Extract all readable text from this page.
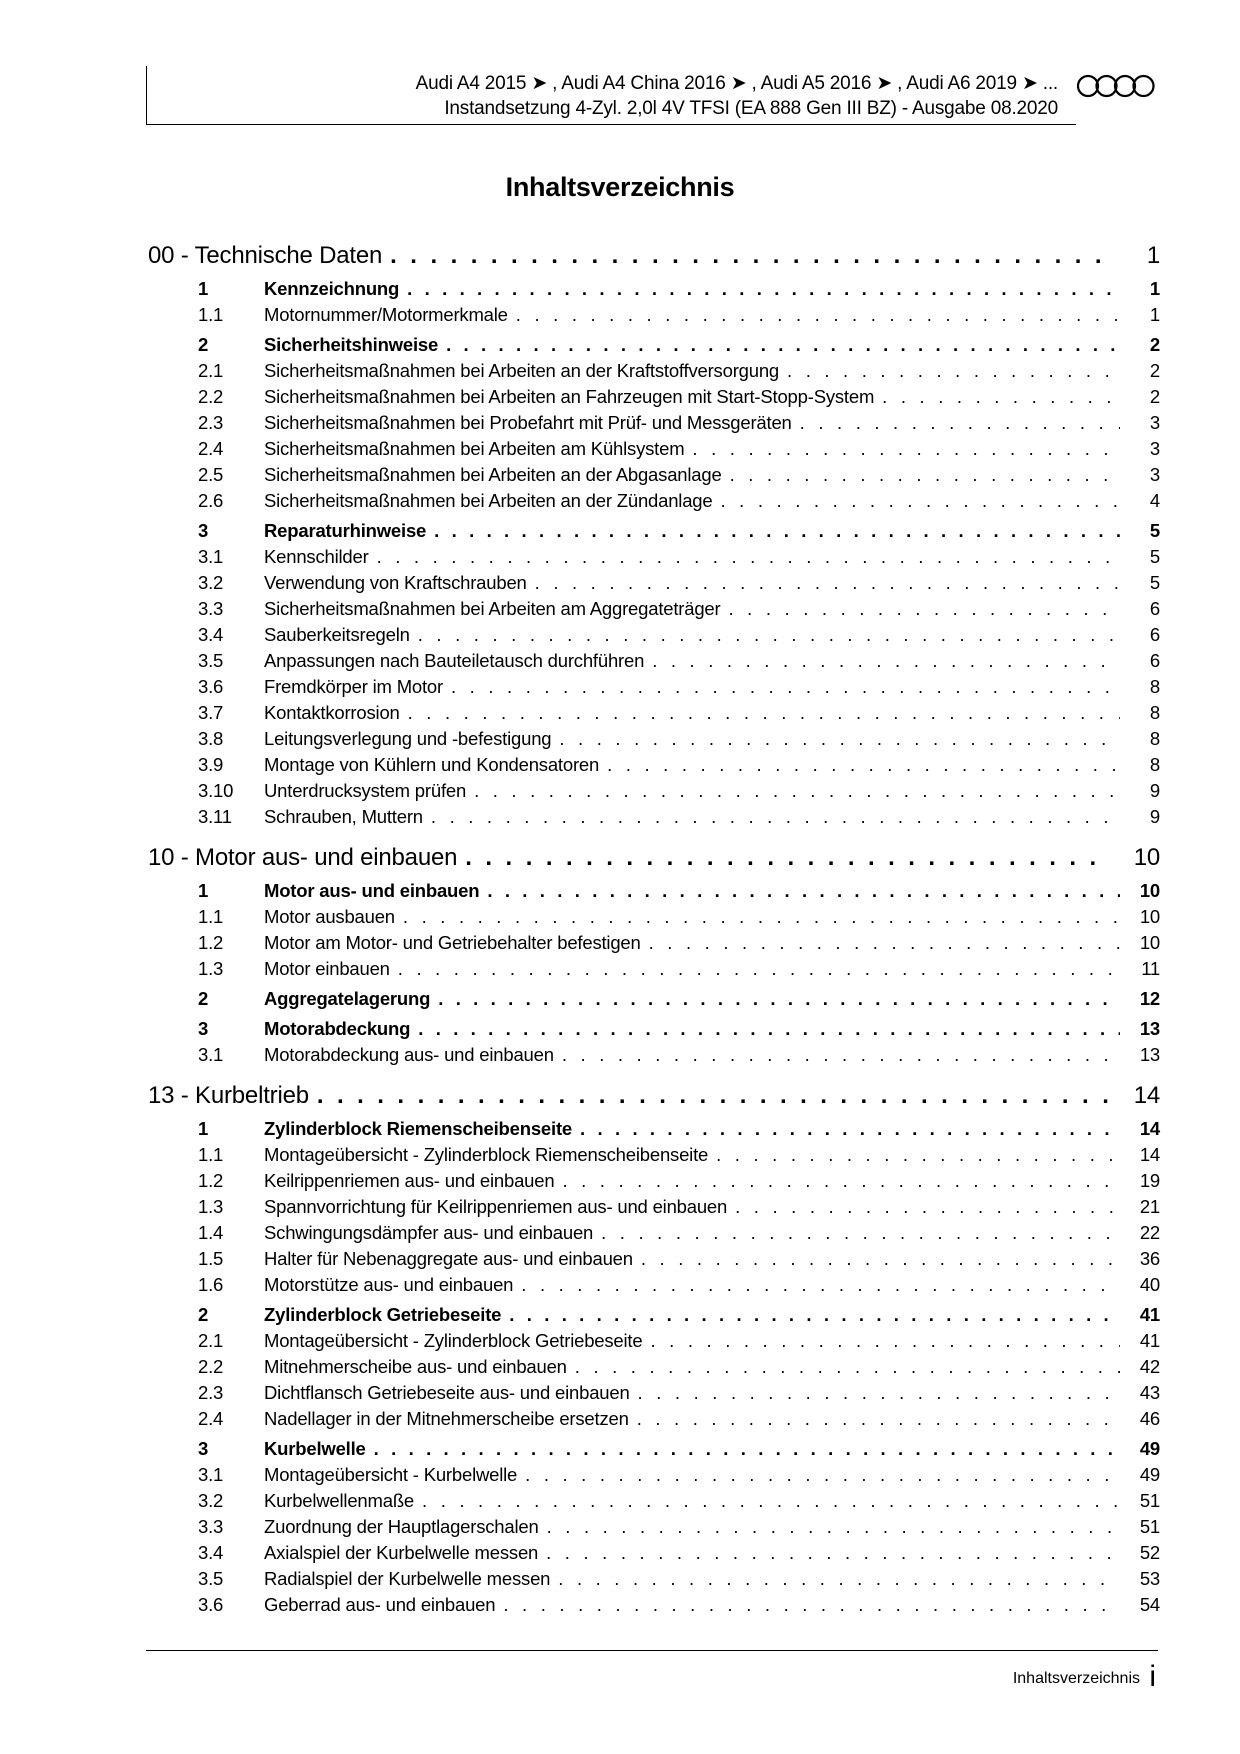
Audi A4 2015 ➤ , Audi A4 China 2016 ➤ , Audi A5 2016 ➤ , Audi A6 2019 ➤ ...
Instandsetzung 4-Zyl. 2,0l 4V TFSI (EA 888 Gen III BZ) - Ausgabe 08.2020
Inhaltsverzeichnis
00 - Technische Daten . . .	1
1	Kennzeichnung . . .	1
1.1	Motornummer/Motormerkmale . . .	1
2	Sicherheitshinweise . . .	2
2.1	Sicherheitsmaßnahmen bei Arbeiten an der Kraftstoffversorgung . . .	2
2.2	Sicherheitsmaßnahmen bei Arbeiten an Fahrzeugen mit Start-Stopp-System . . .	2
2.3	Sicherheitsmaßnahmen bei Probefahrt mit Prüf- und Messgeräten . . .	3
2.4	Sicherheitsmaßnahmen bei Arbeiten am Kühlsystem . . .	3
2.5	Sicherheitsmaßnahmen bei Arbeiten an der Abgasanlage . . .	3
2.6	Sicherheitsmaßnahmen bei Arbeiten an der Zündanlage . . .	4
3	Reparaturhinweise . . .	5
3.1	Kennschilder . . .	5
3.2	Verwendung von Kraftschrauben . . .	5
3.3	Sicherheitsmaßnahmen bei Arbeiten am Aggregateträger . . .	6
3.4	Sauberkeitsregeln . . .	6
3.5	Anpassungen nach Bauteiletausch durchführen . . .	6
3.6	Fremdkörper im Motor . . .	8
3.7	Kontaktkorrosion . . .	8
3.8	Leitungsverlegung und -befestigung . . .	8
3.9	Montage von Kühlern und Kondensatoren . . .	8
3.10	Unterdrucksystem prüfen . . .	9
3.11	Schrauben, Muttern . . .	9
10 - Motor aus- und einbauen . . .	10
1	Motor aus- und einbauen . . .	10
1.1	Motor ausbauen . . .	10
1.2	Motor am Motor- und Getriebehalter befestigen . . .	10
1.3	Motor einbauen . . .	11
2	Aggregatelagerung . . .	12
3	Motorabdeckung . . .	13
3.1	Motorabdeckung aus- und einbauen . . .	13
13 - Kurbeltrieb . . .	14
1	Zylinderblock Riemenscheibenseite . . .	14
1.1	Montageübersicht - Zylinderblock Riemenscheibenseite . . .	14
1.2	Keilrippenriemen aus- und einbauen . . .	19
1.3	Spannvorrichtung für Keilrippenriemen aus- und einbauen . . .	21
1.4	Schwingungsdämpfer aus- und einbauen . . .	22
1.5	Halter für Nebenaggregate aus- und einbauen . . .	36
1.6	Motorstütze aus- und einbauen . . .	40
2	Zylinderblock Getriebeseite . . .	41
2.1	Montageübersicht - Zylinderblock Getriebeseite . . .	41
2.2	Mitnehmerscheibe aus- und einbauen . . .	42
2.3	Dichtflansch Getriebeseite aus- und einbauen . . .	43
2.4	Nadellager in der Mitnehmerscheibe ersetzen . . .	46
3	Kurbelwelle . . .	49
3.1	Montageübersicht - Kurbelwelle . . .	49
3.2	Kurbelwellenmaße . . .	51
3.3	Zuordnung der Hauptlagerschalen . . .	51
3.4	Axialspiel der Kurbelwelle messen . . .	52
3.5	Radialspiel der Kurbelwelle messen . . .	53
3.6	Geberrad aus- und einbauen . . .	54
Inhaltsverzeichnis i
